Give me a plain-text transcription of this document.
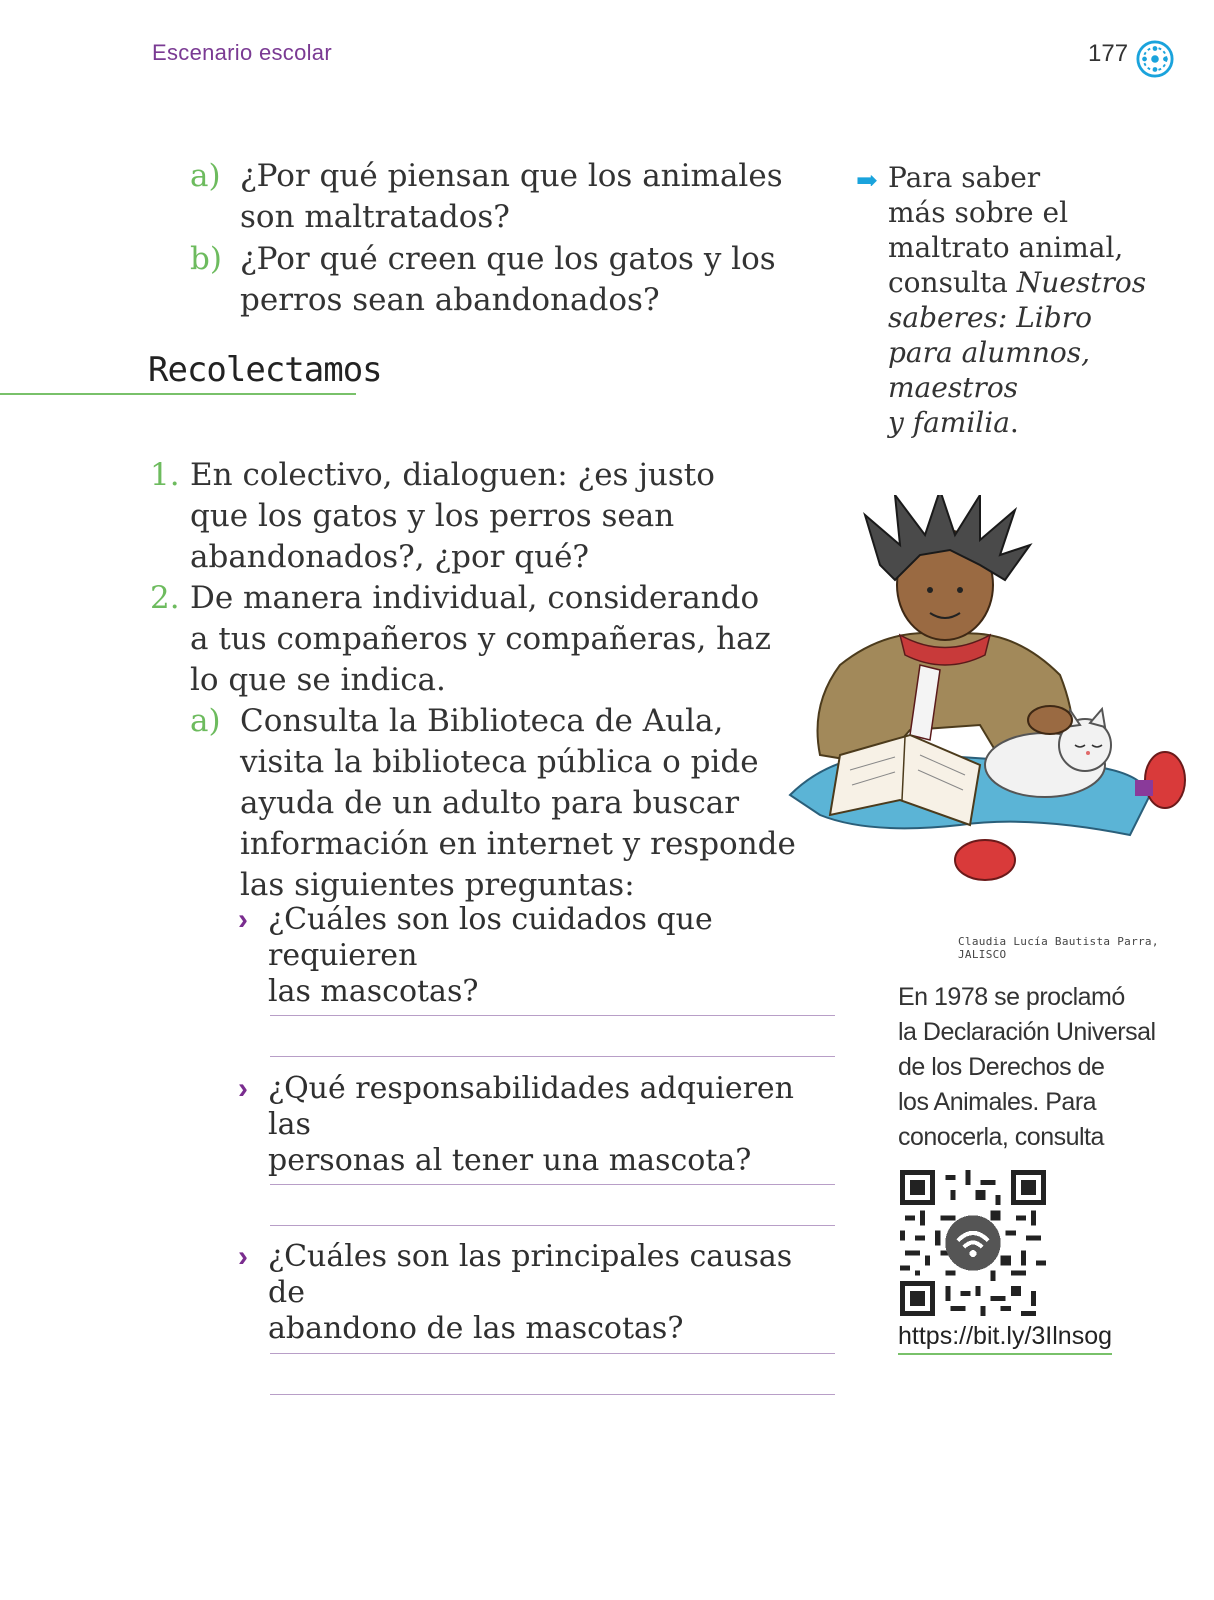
Escenario escolar	177
a) ¿Por qué piensan que los animales
son maltratados?
b) ¿Por qué creen que los gatos y los
perros sean abandonados?
Recolectamos
1. En colectivo, dialoguen: ¿es justo
que los gatos y los perros sean
abandonados?, ¿por qué?
2. De manera individual, considerando
a tus compañeros y compañeras, haz
lo que se indica.
a) Consulta la Biblioteca de Aula,
visita la biblioteca pública o pide
ayuda de un adulto para buscar
información en internet y responde
las siguientes preguntas:
› ¿Cuáles son los cuidados que requieren
las mascotas?
› ¿Qué responsabilidades adquieren las
personas al tener una mascota?
› ¿Cuáles son las principales causas de
abandono de las mascotas?
➡ Para saber
más sobre el
maltrato animal,
consulta Nuestros
saberes: Libro
para alumnos,
maestros
y familia.
Claudia Lucía Bautista Parra, JALISCO
En 1978 se proclamó
la Declaración Universal
de los Derechos de
los Animales. Para
conocerla, consulta
https://bit.ly/3Ilnsog
